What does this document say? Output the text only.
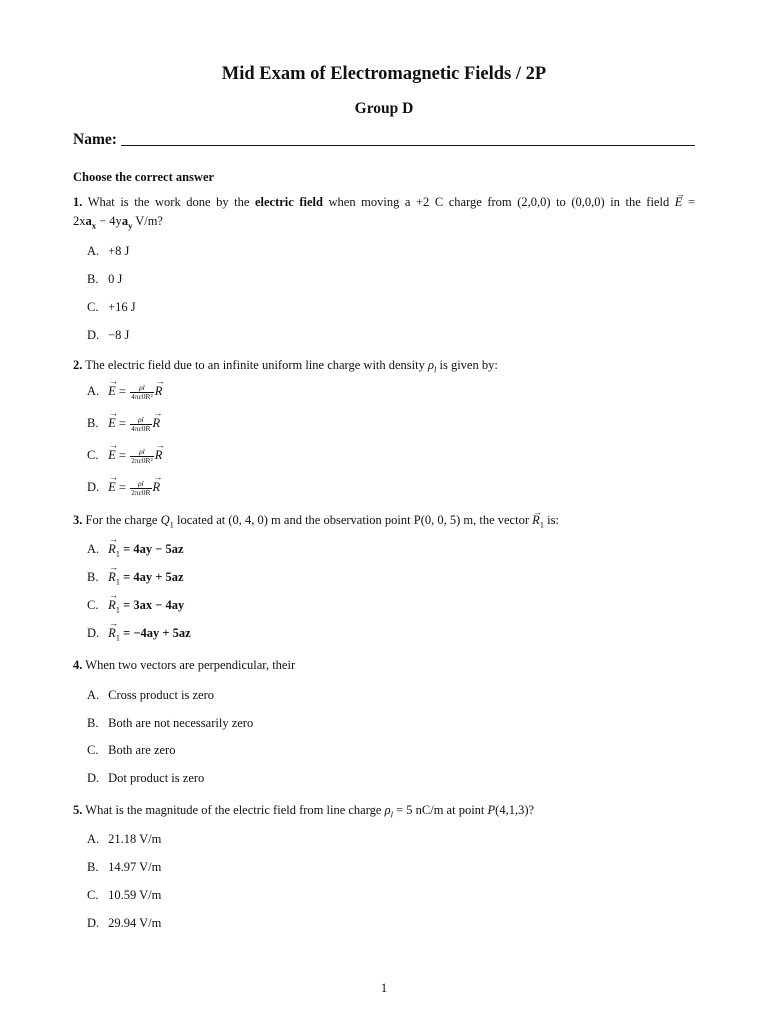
Mid Exam of Electromagnetic Fields / 2P
Group D
Name:
Choose the correct answer
1. What is the work done by the electric field when moving a +2 C charge from (2,0,0) to (0,0,0) in the field → E =
$2xa_x - 4ya_y$ V/m?
A. +8 J
B. 0 J
C. +16 J
D. −8 J
2. The electric field due to an infinite uniform line charge with density $\rho_l$ is given by:
A. → $E = \frac{\rho l}{\text{4πε0R²}}$
→ R
B. → $E = \frac{\rho l}{4\pi\varepsilon 0R}$
→ R
C. → $E = \frac{\rho l}{\text{2πε0R²}}$
→ R
D. → $E = \frac{\rho l}{2\pi\varepsilon 0R}$
→ R
3. For the charge $Q_1$ located at (0, 4, 0) m and the observation point P(0, 0, 5) m, the vector → $R_1$ is:
A. → $R_1 = 4ay - 5az$
B. → $R_1 = 4ay + 5az$
C. → $R_1 = 3ax - 4ay$
D. → $R_1 = -4ay + 5az$
4. When two vectors are perpendicular, their
A. Cross product is zero
B. Both are not necessarily zero
C. Both are zero
D. Dot product is zero
5. What is the magnitude of the electric field from line charge $\rho_l = 5$ nC/m at point P(4,1,3)?
A. 21.18 V/m
B. 14.97 V/m
C. 10.59 V/m
D. 29.94 V/m
1
